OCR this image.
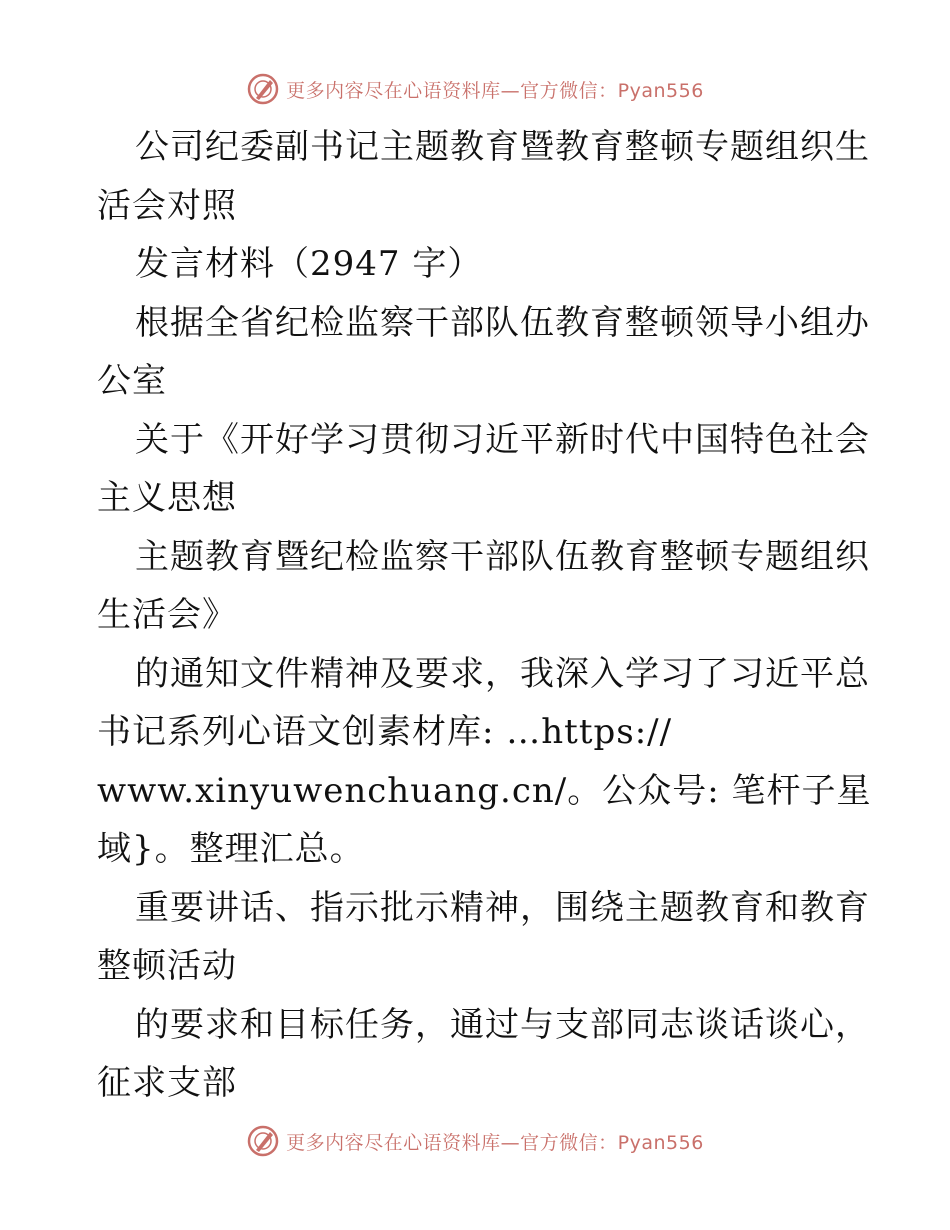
更多内容尽在心语资料库—官方微信：Pyan556
公司纪委副书记主题教育暨教育整顿专题组织生
活会对照
发言材料（2947 字）
根据全省纪检监察干部队伍教育整顿领导小组办
公室
关于《开好学习贯彻习近平新时代中国特色社会
主义思想
主题教育暨纪检监察干部队伍教育整顿专题组织
生活会》
的通知文件精神及要求，我深入学习了习近平总
书记系列心语文创素材库: …https://
www.xinyuwenchuang.cn/。公众号: 笔杆子星
域}。整理汇总。
重要讲话、指示批示精神，围绕主题教育和教育
整顿活动
的要求和目标任务，通过与支部同志谈话谈心，
征求支部
更多内容尽在心语资料库—官方微信：Pyan556
